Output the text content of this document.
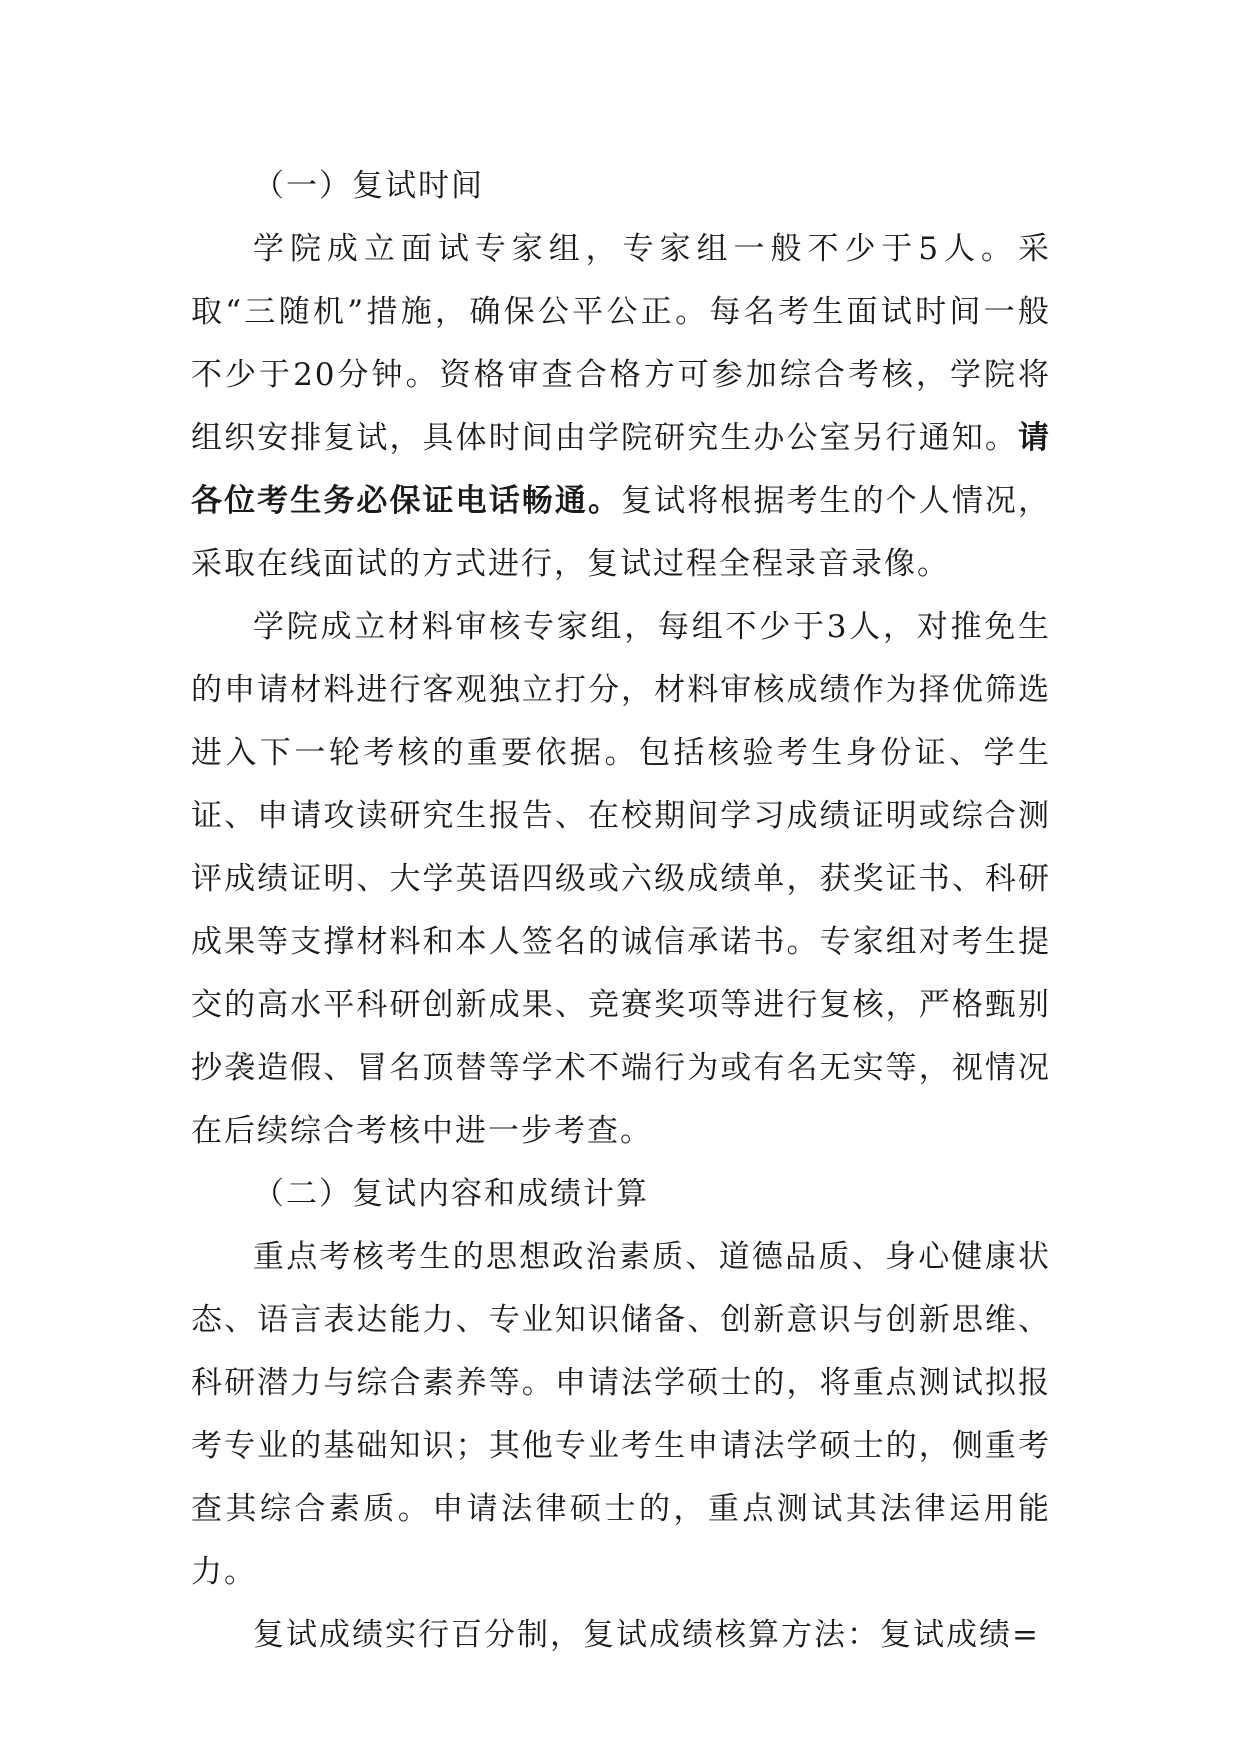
（一）复试时间

学院成立面试专家组，专家组一般不少于5人。采取“三随机”措施，确保公平公正。每名考生面试时间一般不少于20分钟。资格审查合格方可参加综合考核，学院将组织安排复试，具体时间由学院研究生办公室另行通知。请各位考生务必保证电话畅通。复试将根据考生的个人情况，采取在线面试的方式进行，复试过程全程录音录像。

学院成立材料审核专家组，每组不少于3人，对推免生的申请材料进行客观独立打分，材料审核成绩作为择优筛选进入下一轮考核的重要依据。包括核验考生身份证、学生证、申请攻读研究生报告、在校期间学习成绩证明或综合测评成绩证明、大学英语四级或六级成绩单，获奖证书、科研成果等支撑材料和本人签名的诚信承诺书。专家组对考生提交的高水平科研创新成果、竞赛奖项等进行复核，严格甄别抄袭造假、冒名顶替等学术不端行为或有名无实等，视情况在后续综合考核中进一步考查。

（二）复试内容和成绩计算

重点考核考生的思想政治素质、道德品质、身心健康状态、语言表达能力、专业知识储备、创新意识与创新思维、科研潜力与综合素养等。申请法学硕士的，将重点测试拟报考专业的基础知识；其他专业考生申请法学硕士的，侧重考查其综合素质。申请法律硕士的，重点测试其法律运用能力。

复试成绩实行百分制，复试成绩核算方法：复试成绩=
